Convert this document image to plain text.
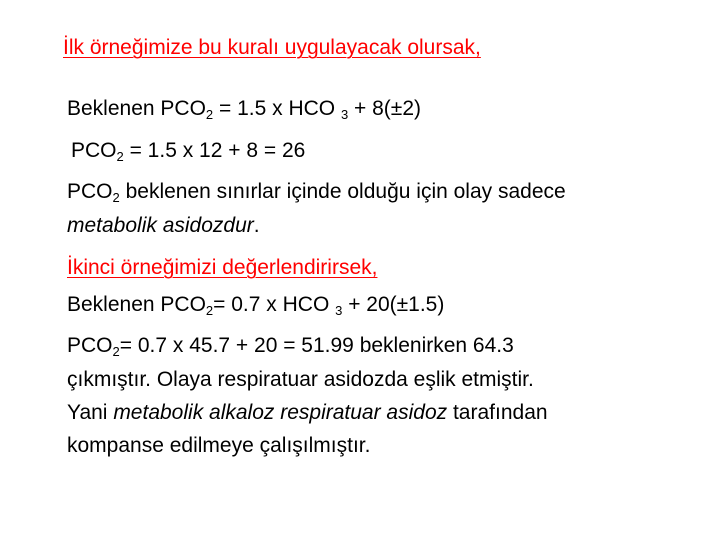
İlk örneğimize bu kuralı uygulayacak olursak,
Beklenen $PCO_2 = 1.5$ x HCO $_3$ + 8(±2)
$PCO_2 = 1.5$ x 12 + 8 = 26
$PCO_2$ beklenen sınırlar içinde olduğu için olay sadece
metabolik asidozdur.
İkinci örneğimizi değerlendirirsek,
Beklenen $PCO_2= 0.7$ x HCO $_3$ + 20(±1.5)
$PCO_2= 0.7$ x 45.7 + 20 = 51.99 beklenirken 64.3
çıkmıştır. Olaya respiratuar asidozda eşlik etmiştir.
Yani metabolik alkaloz respiratuar asidoz tarafından
kompanse edilmeye çalışılmıştır.
